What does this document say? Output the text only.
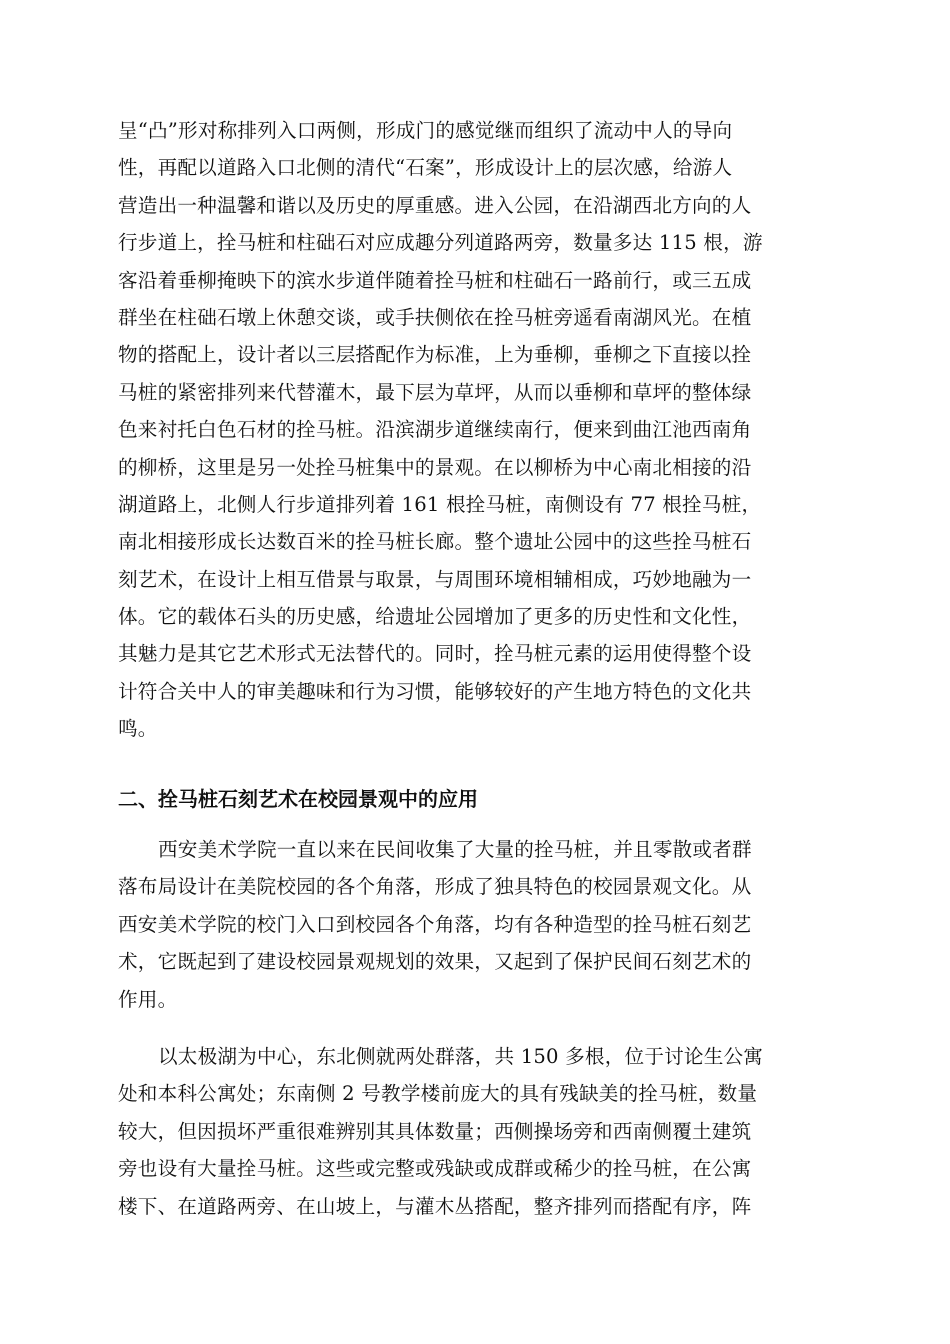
呈“凸”形对称排列入口两侧，形成门的感觉继而组织了流动中人的导向
性，再配以道路入口北侧的清代“石案”，形成设计上的层次感，给游人
营造出一种温馨和谐以及历史的厚重感。进入公园，在沿湖西北方向的人
行步道上，拴马桩和柱础石对应成趣分列道路两旁，数量多达 115 根，游
客沿着垂柳掩映下的滨水步道伴随着拴马桩和柱础石一路前行，或三五成
群坐在柱础石墩上休憩交谈，或手扶侧依在拴马桩旁遥看南湖风光。在植
物的搭配上，设计者以三层搭配作为标准，上为垂柳，垂柳之下直接以拴
马桩的紧密排列来代替灌木，最下层为草坪，从而以垂柳和草坪的整体绿
色来衬托白色石材的拴马桩。沿滨湖步道继续南行，便来到曲江池西南角
的柳桥，这里是另一处拴马桩集中的景观。在以柳桥为中心南北相接的沿
湖道路上，北侧人行步道排列着 161 根拴马桩，南侧设有 77 根拴马桩，
南北相接形成长达数百米的拴马桩长廊。整个遗址公园中的这些拴马桩石
刻艺术，在设计上相互借景与取景，与周围环境相辅相成，巧妙地融为一
体。它的载体石头的历史感，给遗址公园增加了更多的历史性和文化性，
其魅力是其它艺术形式无法替代的。同时，拴马桩元素的运用使得整个设
计符合关中人的审美趣味和行为习惯，能够较好的产生地方特色的文化共
鸣。
二、拴马桩石刻艺术在校园景观中的应用
西安美术学院一直以来在民间收集了大量的拴马桩，并且零散或者群
落布局设计在美院校园的各个角落，形成了独具特色的校园景观文化。从
西安美术学院的校门入口到校园各个角落，均有各种造型的拴马桩石刻艺
术，它既起到了建设校园景观规划的效果，又起到了保护民间石刻艺术的
作用。
以太极湖为中心，东北侧就两处群落，共 150 多根，位于讨论生公寓
处和本科公寓处；东南侧 2 号教学楼前庞大的具有残缺美的拴马桩，数量
较大，但因损坏严重很难辨别其具体数量；西侧操场旁和西南侧覆土建筑
旁也设有大量拴马桩。这些或完整或残缺或成群或稀少的拴马桩，在公寓
楼下、在道路两旁、在山坡上，与灌木丛搭配，整齐排列而搭配有序，阵
